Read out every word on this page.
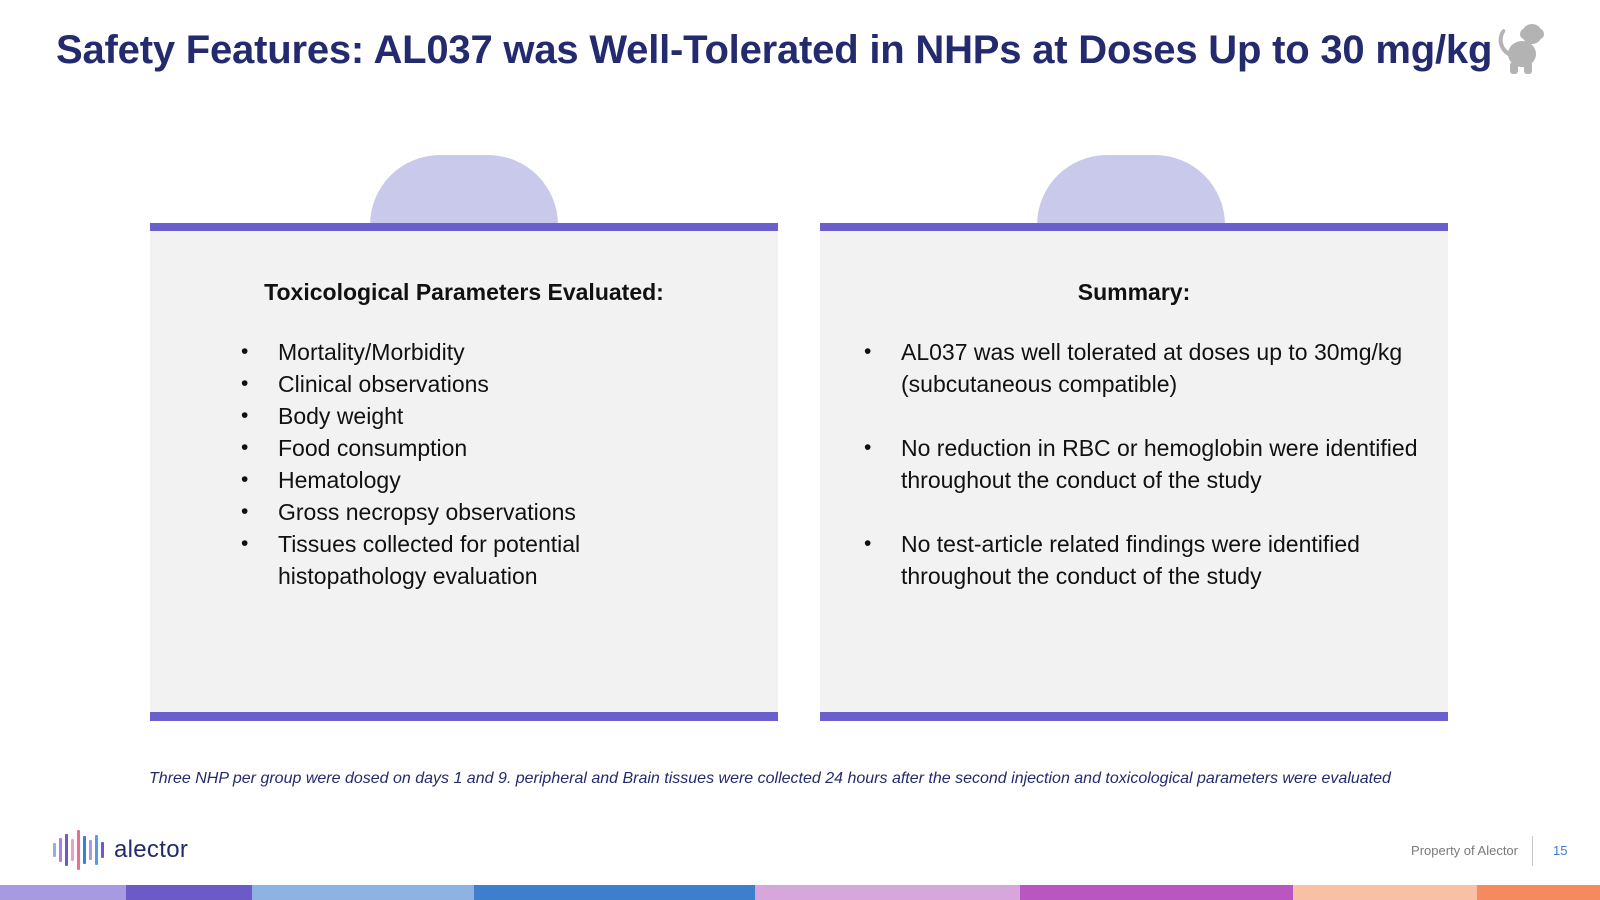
Safety Features: AL037 was Well-Tolerated in NHPs at Doses Up to 30 mg/kg
Toxicological Parameters Evaluated:
• Mortality/Morbidity
• Clinical observations
• Body weight
• Food consumption
• Hematology
• Gross necropsy observations
• Tissues collected for potential histopathology evaluation
Summary:
• AL037 was well tolerated at doses up to 30mg/kg (subcutaneous compatible)
• No reduction in RBC or hemoglobin were identified throughout the conduct of the study
• No test-article related findings were identified throughout the conduct of the study
Three NHP per group were dosed on days 1 and 9. peripheral and Brain tissues were collected 24 hours after the second injection and toxicological parameters were evaluated
alector	Property of Alector	15
